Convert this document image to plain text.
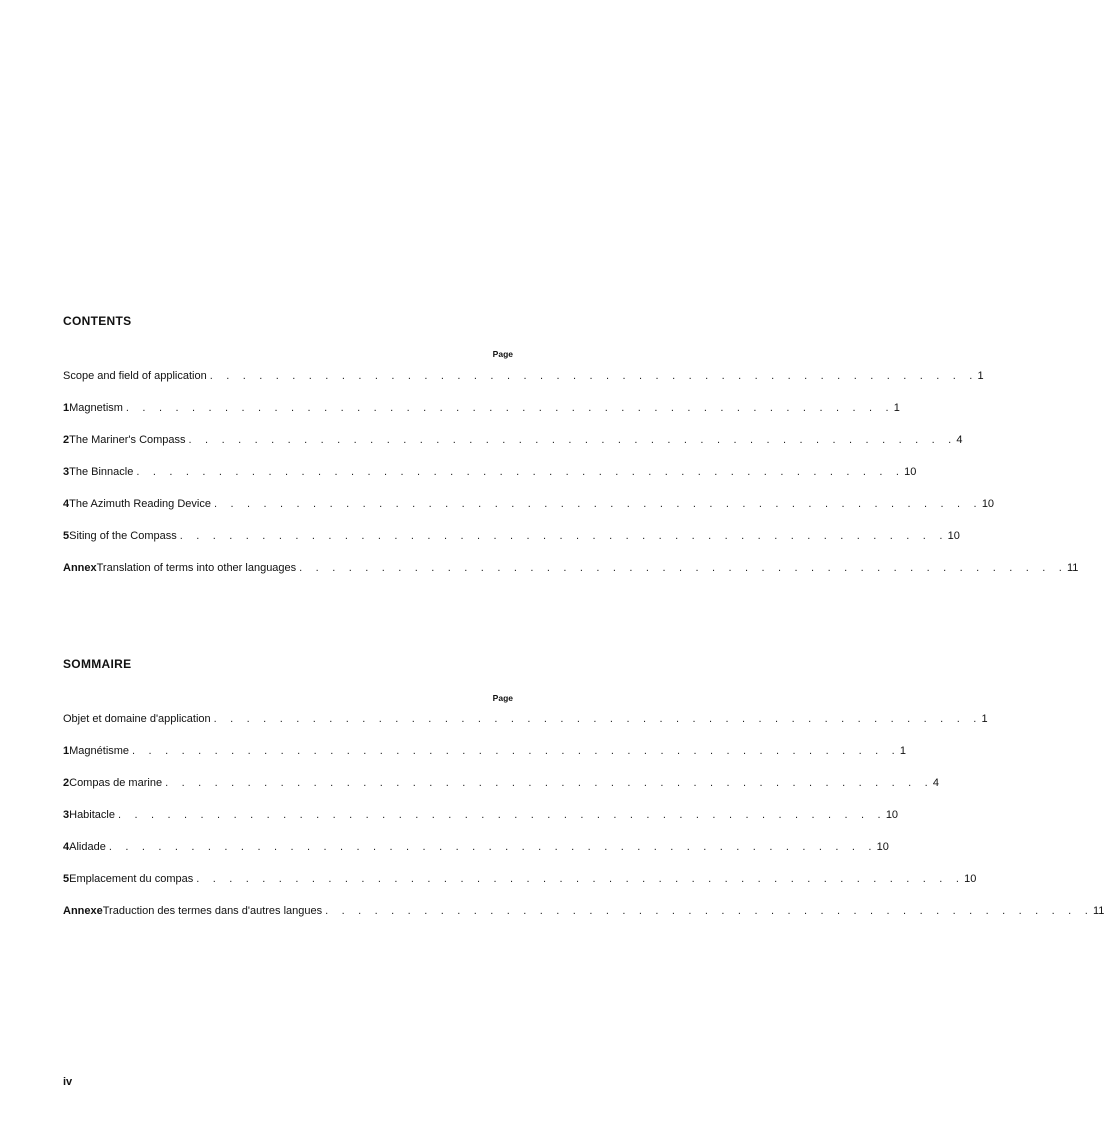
CONTENTS
Page
Scope and field of application . . . . . . . . . . . . . . . . . . . . . . . . . . . . . . . . . . . . . . . . . . . . . . . 1
1 Magnetism . . . . . . . . . . . . . . . . . . . . . . . . . . . . . . . . . . . . . . . . . . . . . . . 1
2 The Mariner's Compass . . . . . . . . . . . . . . . . . . . . . . . . . . . . . . . . . . . . . . . . . . . . . . . 4
3 The Binnacle . . . . . . . . . . . . . . . . . . . . . . . . . . . . . . . . . . . . . . . . . . . . . . . 10
4 The Azimuth Reading Device . . . . . . . . . . . . . . . . . . . . . . . . . . . . . . . . . . . . . . . . . . . . . . . 10
5 Siting of the Compass . . . . . . . . . . . . . . . . . . . . . . . . . . . . . . . . . . . . . . . . . . . . . . . 10
Annex Translation of terms into other languages . . . . . . . . . . . . . . . . . . . . . . . . . . . . . . . . . . . . . . . . . . . . . . . 11
SOMMAIRE
Page
Objet et domaine d'application . . . . . . . . . . . . . . . . . . . . . . . . . . . . . . . . . . . . . . . . . . . . . . . 1
1 Magnétisme . . . . . . . . . . . . . . . . . . . . . . . . . . . . . . . . . . . . . . . . . . . . . . . 1
2 Compas de marine . . . . . . . . . . . . . . . . . . . . . . . . . . . . . . . . . . . . . . . . . . . . . . . 4
3 Habitacle . . . . . . . . . . . . . . . . . . . . . . . . . . . . . . . . . . . . . . . . . . . . . . . 10
4 Alidade . . . . . . . . . . . . . . . . . . . . . . . . . . . . . . . . . . . . . . . . . . . . . . . 10
5 Emplacement du compas . . . . . . . . . . . . . . . . . . . . . . . . . . . . . . . . . . . . . . . . . . . . . . . 10
Annexe Traduction des termes dans d'autres langues . . . . . . . . . . . . . . . . . . . . . . . . . . . . . . . . . . . . . . . . . . . . . . . 11
iv
